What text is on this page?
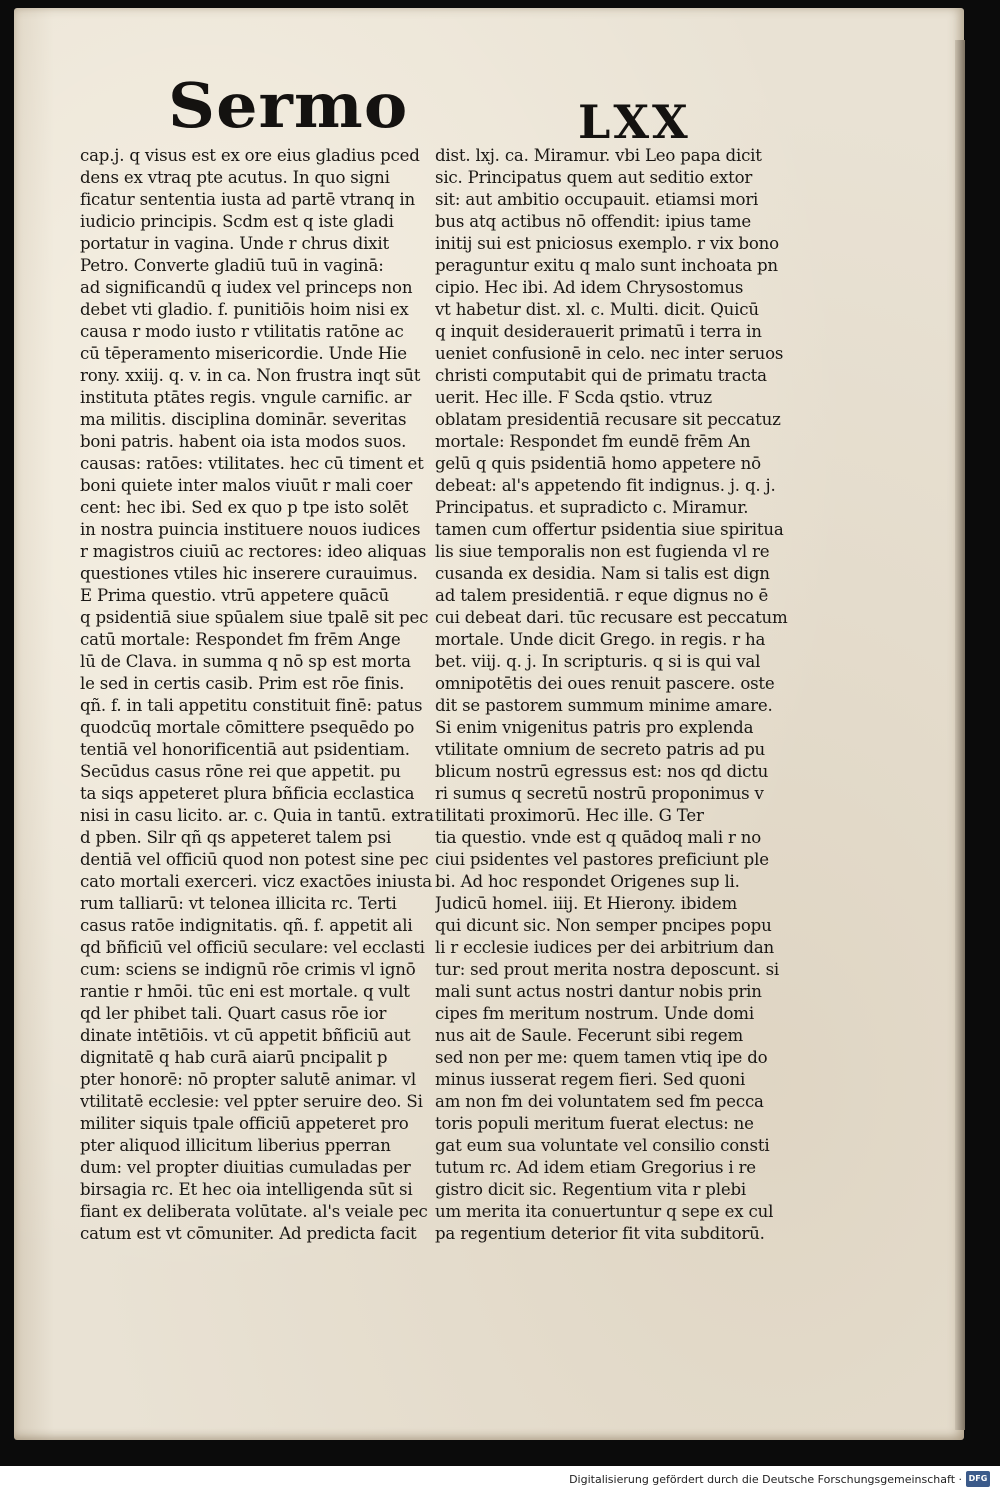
Sermo	LXX
cap.j. q visus est ex ore eius gladius pced
dens ex vtraq pte acutus. In quo signi
ficatur sententia iusta ad partē vtranq in
iudicio principis. Scdm est q iste gladi
portatur in vagina. Unde r chrus dixit
Petro. Converte gladiū tuū in vaginā:
ad significandū q iudex vel princeps non
debet vti gladio. f. punitiōis hoim nisi ex
causa r modo iusto r vtilitatis ratōne ac
cū tēperamento misericordie. Unde Hie
rony. xxiij. q. v. in ca. Non frustra inqt sūt
instituta ptātes regis. vngule carnific. ar
ma militis. disciplina dominār. severitas
boni patris. habent oia ista modos suos.
causas: ratōes: vtilitates. hec cū timent et
boni quiete inter malos viuūt r mali coer
cent: hec ibi. Sed ex quo p tpe isto solēt
in nostra puincia instituere nouos iudices
r magistros ciuiū ac rectores: ideo aliquas
questiones vtiles hic inserere curauimus.
E Prima questio. vtrū appetere quācū
q psidentiā siue spūalem siue tpalē sit pec
catū mortale: Respondet fm frēm Ange
lū de Clava. in summa q nō sp est morta
le sed in certis casib. Prim est rōe finis.
qñ. f. in tali appetitu constituit finē: patus
quodcūq mortale cōmittere psequēdo po
tentiā vel honorificentiā aut psidentiam.
Secūdus casus rōne rei que appetit. pu
ta siqs appeteret plura bñficia ecclastica
nisi in casu licito. ar. c. Quia in tantū. extra
d pben. Silr qñ qs appeteret talem psi
dentiā vel officiū quod non potest sine pec
cato mortali exerceri. vicz exactōes iniusta
rum talliarū: vt telonea illicita rc. Terti
casus ratōe indignitatis. qñ. f. appetit ali
qd bñficiū vel officiū seculare: vel ecclasti
cum: sciens se indignū rōe crimis vl ignō
rantie r hmōi. tūc eni est mortale. q vult
qd ler phibet tali. Quart casus rōe ior
dinate intētiōis. vt cū appetit bñficiū aut
dignitatē q hab curā aiarū pncipalit p
pter honorē: nō propter salutē animar. vl
vtilitatē ecclesie: vel ppter seruire deo. Si
militer siquis tpale officiū appeteret pro
pter aliquod illicitum liberius pperran
dum: vel propter diuitias cumuladas per
birsagia rc. Et hec oia intelligenda sūt si
fiant ex deliberata volūtate. al's veiale pec
catum est vt cōmuniter. Ad predicta facit
dist. lxj. ca. Miramur. vbi Leo papa dicit
sic. Principatus quem aut seditio extor
sit: aut ambitio occupauit. etiamsi mori
bus atq actibus nō offendit: ipius tame
initij sui est pniciosus exemplo. r vix bono
peraguntur exitu q malo sunt inchoata pn
cipio. Hec ibi. Ad idem Chrysostomus
vt habetur dist. xl. c. Multi. dicit. Quicū
q inquit desiderauerit primatū i terra in
ueniet confusionē in celo. nec inter seruos
christi computabit qui de primatu tracta
uerit. Hec ille. F Scda qstio. vtruz
oblatam presidentiā recusare sit peccatuz
mortale: Respondet fm eundē frēm An
gelū q quis psidentiā homo appetere nō
debeat: al's appetendo fit indignus. j. q. j.
Principatus. et supradicto c. Miramur.
tamen cum offertur psidentia siue spiritua
lis siue temporalis non est fugienda vl re
cusanda ex desidia. Nam si talis est dign
ad talem presidentiā. r eque dignus no ē
cui debeat dari. tūc recusare est peccatum
mortale. Unde dicit Grego. in regis. r ha
bet. viij. q. j. In scripturis. q si is qui val
omnipotētis dei oues renuit pascere. oste
dit se pastorem summum minime amare.
Si enim vnigenitus patris pro explenda
vtilitate omnium de secreto patris ad pu
blicum nostrū egressus est: nos qd dictu
ri sumus q secretū nostrū proponimus v
tilitati proximorū. Hec ille. G Ter
tia questio. vnde est q quādoq mali r no
ciui psidentes vel pastores preficiunt ple
bi. Ad hoc respondet Origenes sup li.
Judicū homel. iiij. Et Hierony. ibidem
qui dicunt sic. Non semper pncipes popu
li r ecclesie iudices per dei arbitrium dan
tur: sed prout merita nostra deposcunt. si
mali sunt actus nostri dantur nobis prin
cipes fm meritum nostrum. Unde domi
nus ait de Saule. Fecerunt sibi regem
sed non per me: quem tamen vtiq ipe do
minus iusserat regem fieri. Sed quoni
am non fm dei voluntatem sed fm pecca
toris populi meritum fuerat electus: ne
gat eum sua voluntate vel consilio consti
tutum rc. Ad idem etiam Gregorius i re
gistro dicit sic. Regentium vita r plebi
um merita ita conuertuntur q sepe ex cul
pa regentium deterior fit vita subditorū.
Digitalisierung gefördert durch die Deutsche Forschungsgemeinschaft · DFG
